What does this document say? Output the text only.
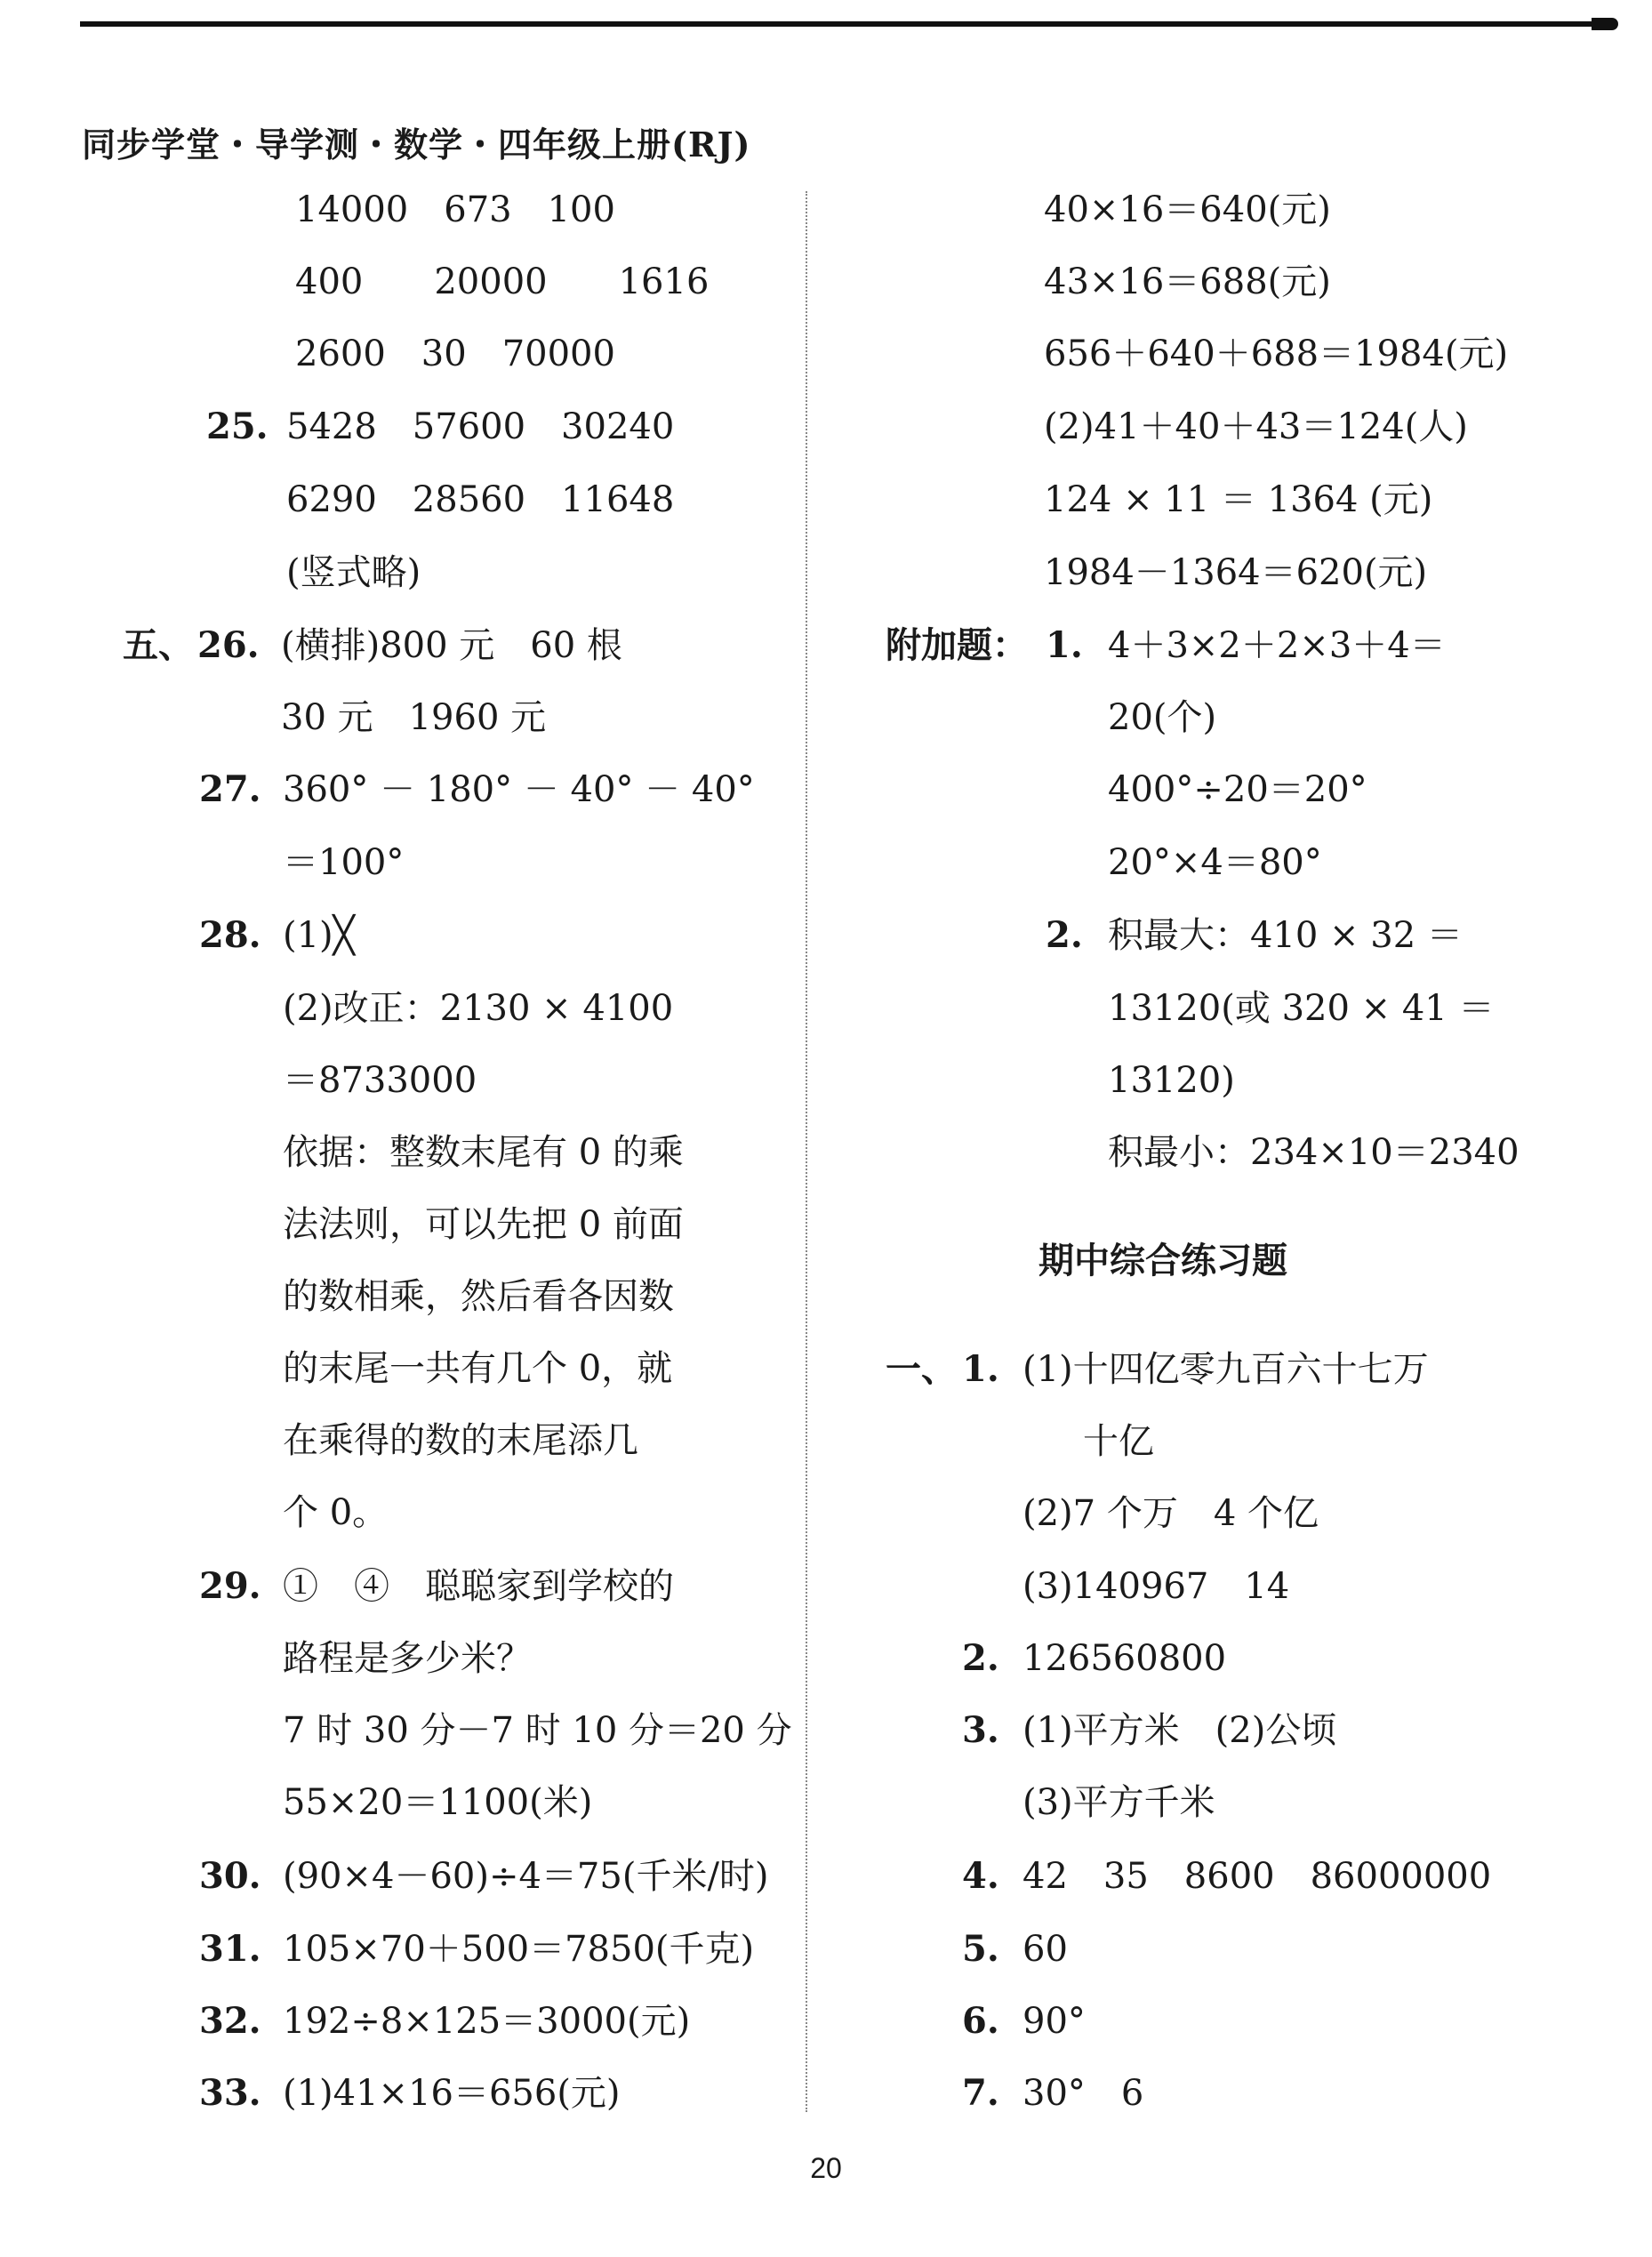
同步学堂・导学测・数学・四年级上册(RJ)
14000　673　100
400　　20000　　1616
2600　30　70000
25. 5428　57600　30240
6290　28560　11648
(竖式略)
五、 26. (横排)800 元　60 根
30 元　1960 元
27. 360° － 180° － 40° － 40°
＝100°
28. (1)╳
(2)改正：2130 × 4100
＝8733000
依据：整数末尾有 0 的乘
法法则，可以先把 0 前面
的数相乘，然后看各因数
的末尾一共有几个 0，就
在乘得的数的末尾添几
个 0。
29. ①　④　聪聪家到学校的
路程是多少米？
7 时 30 分－7 时 10 分＝20 分
55×20＝1100(米)
30. (90×4－60)÷4＝75(千米/时)
31. 105×70＋500＝7850(千克)
32. 192÷8×125＝3000(元)
33. (1)41×16＝656(元)
40×16＝640(元)
43×16＝688(元)
656＋640＋688＝1984(元)
(2)41＋40＋43＝124(人)
124 × 11 ＝ 1364 (元)
1984－1364＝620(元)
附加题： 1. 4＋3×2＋2×3＋4＝
20(个)
400°÷20＝20°
20°×4＝80°
2. 积最大：410 × 32 ＝
13120(或 320 × 41 ＝
13120)
积最小：234×10＝2340
期中综合练习题
一、 1. (1)十四亿零九百六十七万
十亿
(2)7 个万　4 个亿
(3)140967　14
2. 126560800
3. (1)平方米　(2)公顷
(3)平方千米
4. 42　35　8600　86000000
5. 60
6. 90°
7. 30°　6
20
